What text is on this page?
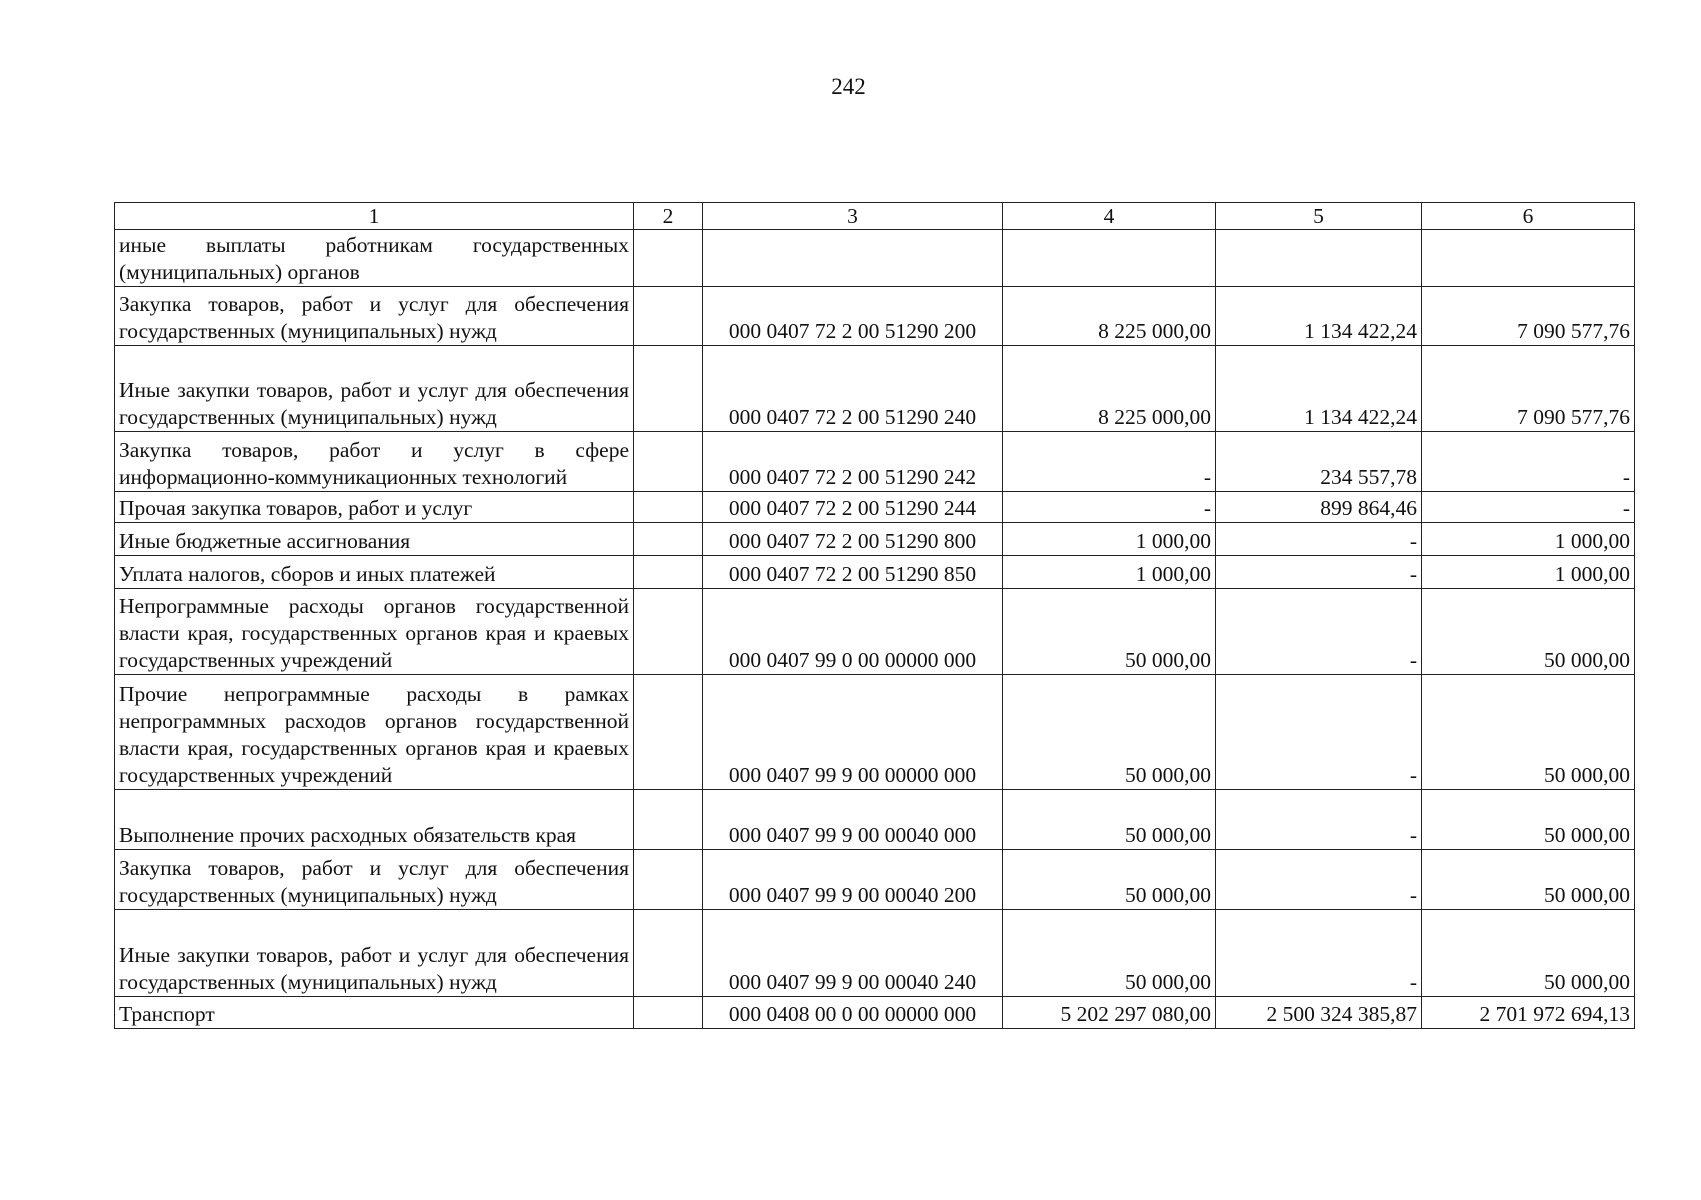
242
1	2	3	4	5	6
иные выплаты работникам государственных (муниципальных) органов					
Закупка товаров, работ и услуг для обеспечения государственных (муниципальных) нужд		000 0407 72 2 00 51290 200	8 225 000,00	1 134 422,24	7 090 577,76
Иные закупки товаров, работ и услуг для обеспечения государственных (муниципальных) нужд		000 0407 72 2 00 51290 240	8 225 000,00	1 134 422,24	7 090 577,76
Закупка товаров, работ и услуг в сфере информационно-коммуникационных технологий		000 0407 72 2 00 51290 242	-	234 557,78	-
Прочая закупка товаров, работ и услуг		000 0407 72 2 00 51290 244	-	899 864,46	-
Иные бюджетные ассигнования		000 0407 72 2 00 51290 800	1 000,00	-	1 000,00
Уплата налогов, сборов и иных платежей		000 0407 72 2 00 51290 850	1 000,00	-	1 000,00
Непрограммные расходы органов государственной власти края, государственных органов края и краевых государственных учреждений		000 0407 99 0 00 00000 000	50 000,00	-	50 000,00
Прочие непрограммные расходы в рамках непрограммных расходов органов государственной власти края, государственных органов края и краевых государственных учреждений		000 0407 99 9 00 00000 000	50 000,00	-	50 000,00
Выполнение прочих расходных обязательств края		000 0407 99 9 00 00040 000	50 000,00	-	50 000,00
Закупка товаров, работ и услуг для обеспечения государственных (муниципальных) нужд		000 0407 99 9 00 00040 200	50 000,00	-	50 000,00
Иные закупки товаров, работ и услуг для обеспечения государственных (муниципальных) нужд		000 0407 99 9 00 00040 240	50 000,00	-	50 000,00
Транспорт		000 0408 00 0 00 00000 000	5 202 297 080,00	2 500 324 385,87	2 701 972 694,13
